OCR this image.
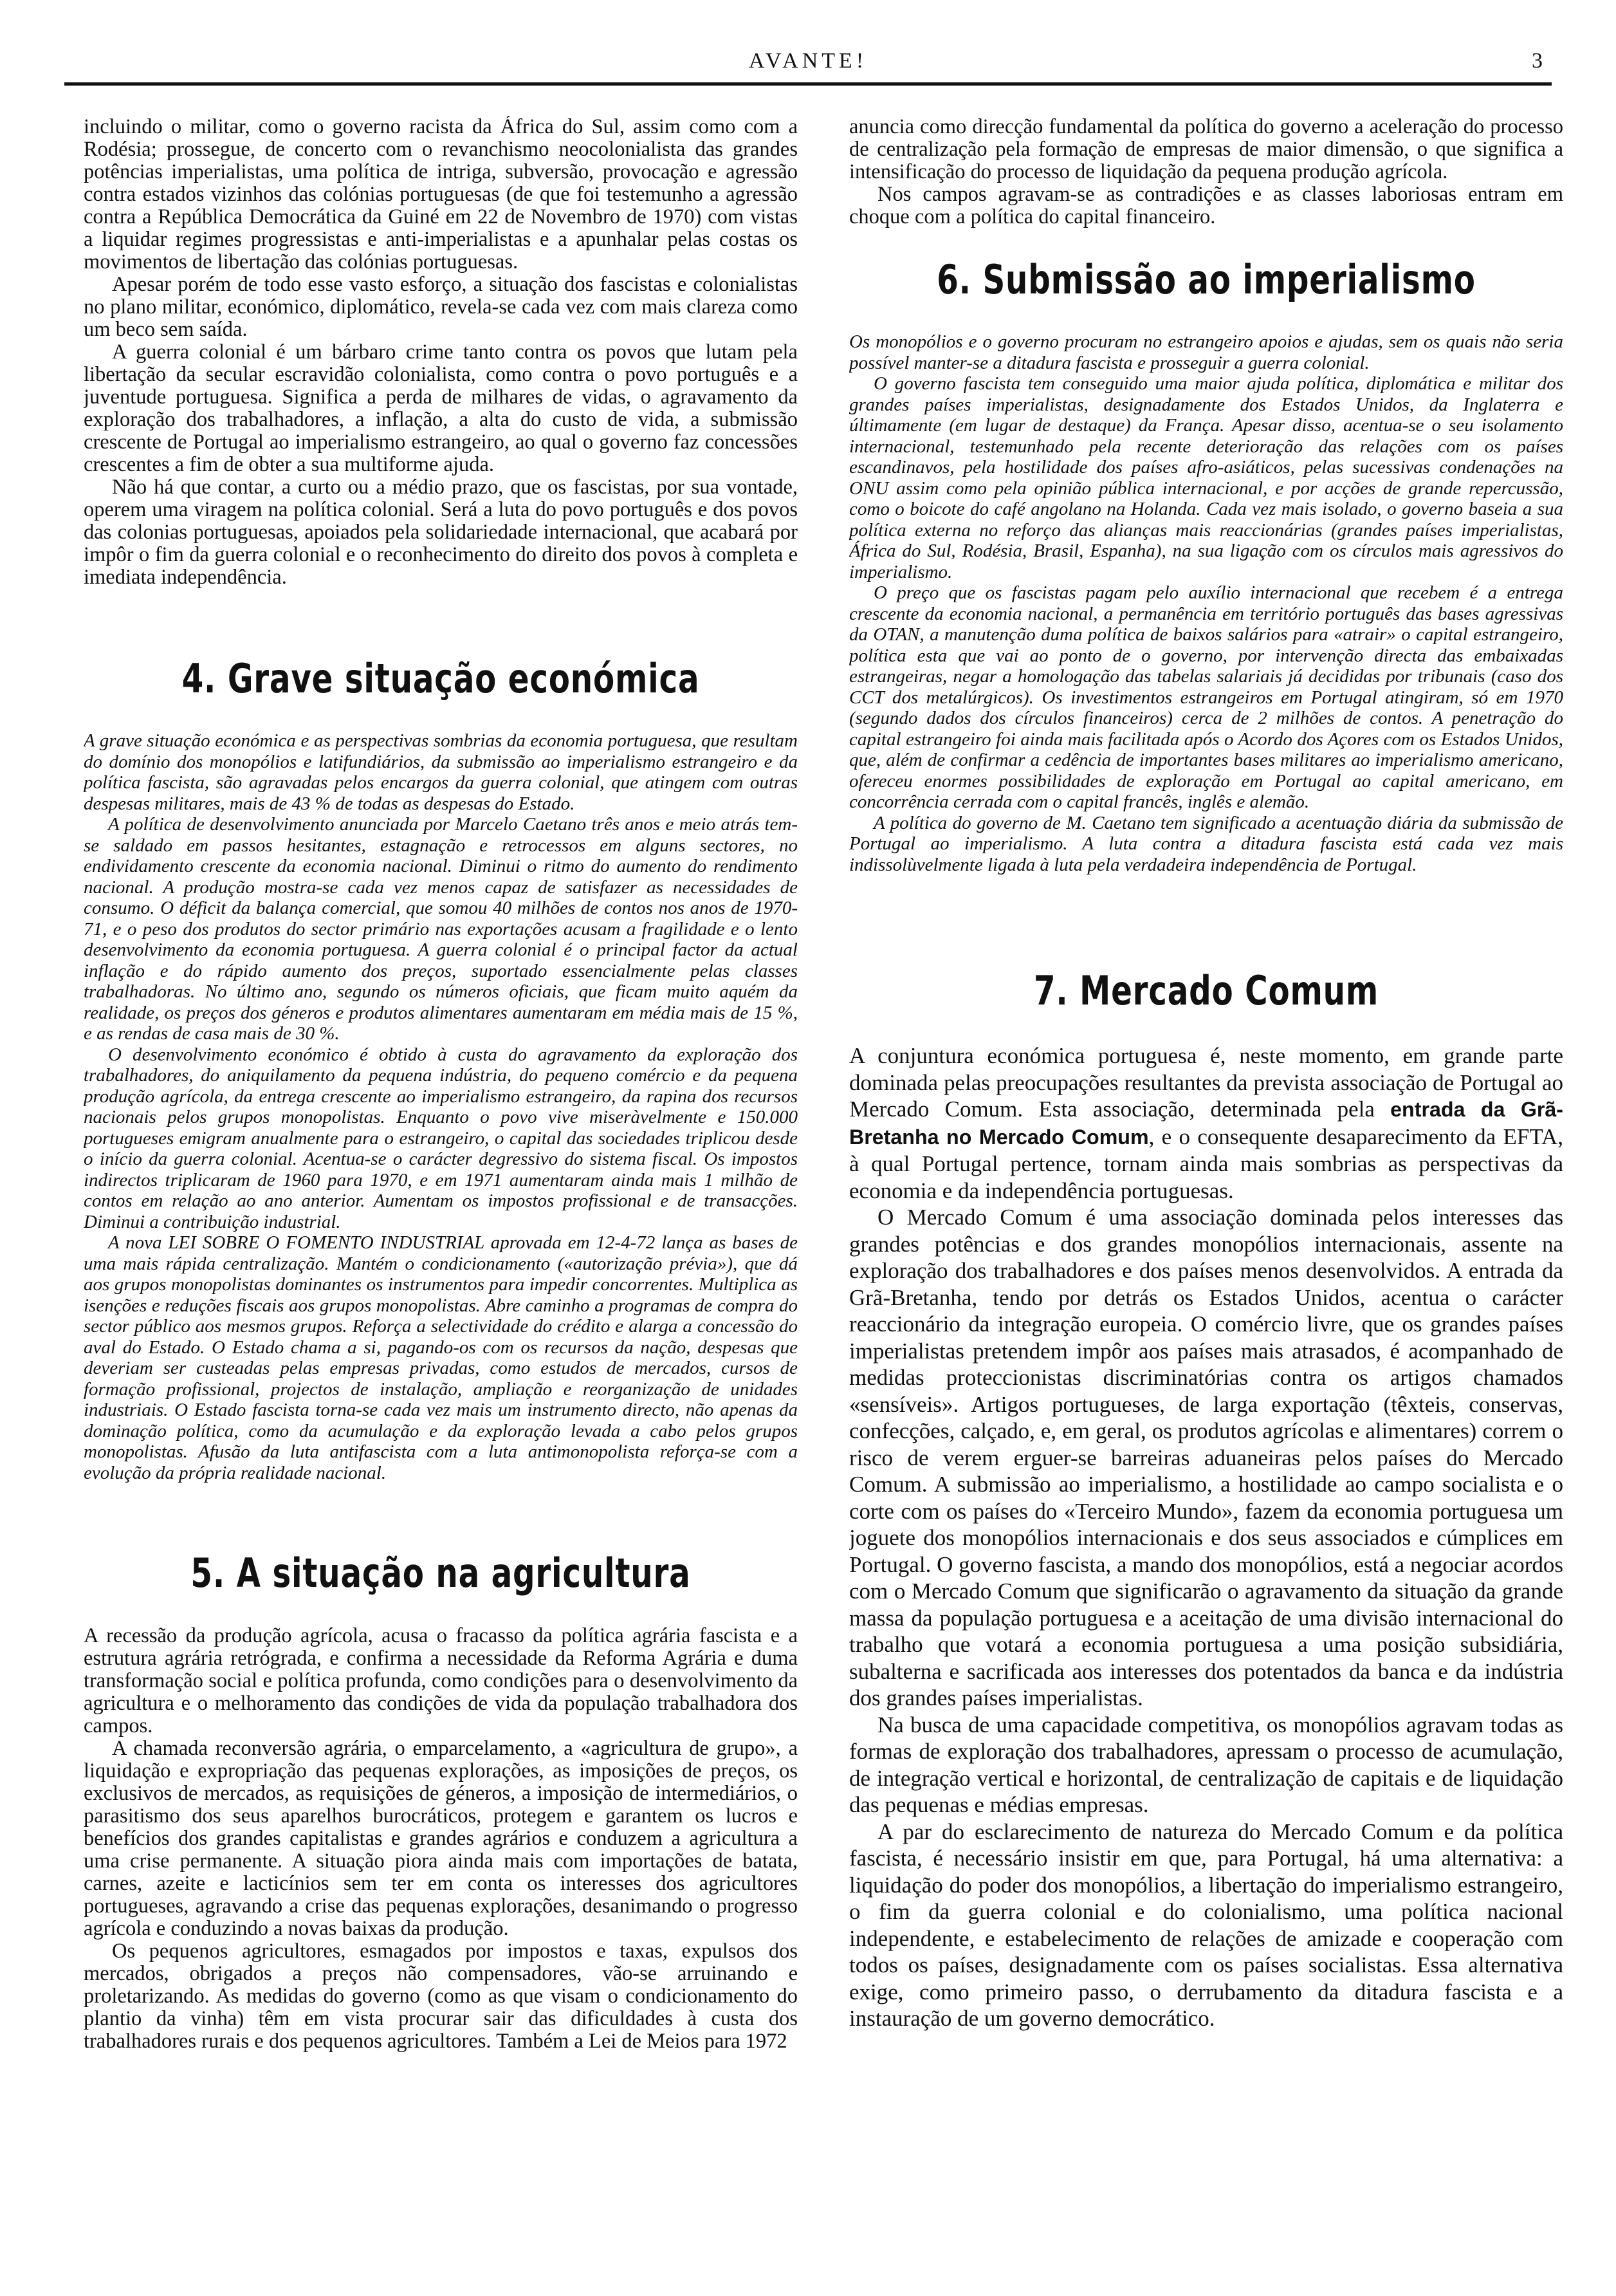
AVANTE!	3

incluindo o militar, como o governo racista da África do Sul, assim como com a Rodésia; prossegue, de concerto com o revanchismo neocolonialista das grandes potências imperialistas, uma política de intriga, subversão, provocação e agressão contra estados vizinhos das colónias portuguesas (de que foi testemunho a agressão contra a República Democrática da Guiné em 22 de Novembro de 1970) com vistas a liquidar regimes progressistas e anti-imperialistas e a apunhalar pelas costas os movimentos de libertação das colónias portuguesas.

Apesar porém de todo esse vasto esforço, a situação dos fascistas e colonialistas no plano militar, económico, diplomático, revela-se cada vez com mais clareza como um beco sem saída.

A guerra colonial é um bárbaro crime tanto contra os povos que lutam pela libertação da secular escravidão colonialista, como contra o povo português e a juventude portuguesa. Significa a perda de milhares de vidas, o agravamento da exploração dos trabalhadores, a inflação, a alta do custo de vida, a submissão crescente de Portugal ao imperialismo estrangeiro, ao qual o governo faz concessões crescentes a fim de obter a sua multiforme ajuda.

Não há que contar, a curto ou a médio prazo, que os fascistas, por sua vontade, operem uma viragem na política colonial. Será a luta do povo português e dos povos das colonias portuguesas, apoiados pela solidariedade internacional, que acabará por impôr o fim da guerra colonial e o reconhecimento do direito dos povos à completa e imediata independência.

4. Grave situação económica

A grave situação económica e as perspectivas sombrias da economia portuguesa, que resultam do domínio dos monopólios e latifundiários, da submissão ao imperialismo estrangeiro e da política fascista, são agravadas pelos encargos da guerra colonial, que atingem com outras despesas militares, mais de 43 % de todas as despesas do Estado.

A política de desenvolvimento anunciada por Marcelo Caetano três anos e meio atrás tem-se saldado em passos hesitantes, estagnação e retrocessos em alguns sectores, no endividamento crescente da economia nacional. Diminui o ritmo do aumento do rendimento nacional. A produção mostra-se cada vez menos capaz de satisfazer as necessidades de consumo. O déficit da balança comercial, que somou 40 milhões de contos nos anos de 1970-71, e o peso dos produtos do sector primário nas exportações acusam a fragilidade e o lento desenvolvimento da economia portuguesa. A guerra colonial é o principal factor da actual inflação e do rápido aumento dos preços, suportado essencialmente pelas classes trabalhadoras. No último ano, segundo os números oficiais, que ficam muito aquém da realidade, os preços dos géneros e produtos alimentares aumentaram em média mais de 15 %, e as rendas de casa mais de 30 %.

O desenvolvimento económico é obtido à custa do agravamento da exploração dos trabalhadores, do aniquilamento da pequena indústria, do pequeno comércio e da pequena produção agrícola, da entrega crescente ao imperialismo estrangeiro, da rapina dos recursos nacionais pelos grupos monopolistas. Enquanto o povo vive miseràvelmente e 150.000 portugueses emigram anualmente para o estrangeiro, o capital das sociedades triplicou desde o início da guerra colonial. Acentua-se o carácter degressivo do sistema fiscal. Os impostos indirectos triplicaram de 1960 para 1970, e em 1971 aumentaram ainda mais 1 milhão de contos em relação ao ano anterior. Aumentam os impostos profissional e de transacções. Diminui a contribuição industrial.

A nova LEI SOBRE O FOMENTO INDUSTRIAL aprovada em 12-4-72 lança as bases de uma mais rápida centralização. Mantém o condicionamento («autorização prévia»), que dá aos grupos monopolistas dominantes os instrumentos para impedir concorrentes. Multiplica as isenções e reduções fiscais aos grupos monopolistas. Abre caminho a programas de compra do sector público aos mesmos grupos. Reforça a selectividade do crédito e alarga a concessão do aval do Estado. O Estado chama a si, pagando-os com os recursos da nação, despesas que deveriam ser custeadas pelas empresas privadas, como estudos de mercados, cursos de formação profissional, projectos de instalação, ampliação e reorganização de unidades industriais. O Estado fascista torna-se cada vez mais um instrumento directo, não apenas da dominação política, como da acumulação e da exploração levada a cabo pelos grupos monopolistas. Afusão da luta antifascista com a luta antimonopolista reforça-se com a evolução da própria realidade nacional.

5. A situação na agricultura

A recessão da produção agrícola, acusa o fracasso da política agrária fascista e a estrutura agrária retrógrada, e confirma a necessidade da Reforma Agrária e duma transformação social e política profunda, como condições para o desenvolvimento da agricultura e o melhoramento das condições de vida da população trabalhadora dos campos.

A chamada reconversão agrária, o emparcelamento, a «agricultura de grupo», a liquidação e expropriação das pequenas explorações, as imposições de preços, os exclusivos de mercados, as requisições de géneros, a imposição de intermediários, o parasitismo dos seus aparelhos burocráticos, protegem e garantem os lucros e benefícios dos grandes capitalistas e grandes agrários e conduzem a agricultura a uma crise permanente. A situação piora ainda mais com importações de batata, carnes, azeite e lacticínios sem ter em conta os interesses dos agricultores portugueses, agravando a crise das pequenas explorações, desanimando o progresso agrícola e conduzindo a novas baixas da produção.

Os pequenos agricultores, esmagados por impostos e taxas, expulsos dos mercados, obrigados a preços não compensadores, vão-se arruinando e proletarizando. As medidas do governo (como as que visam o condicionamento do plantio da vinha) têm em vista procurar sair das dificuldades à custa dos trabalhadores rurais e dos pequenos agricultores. Também a Lei de Meios para 1972

anuncia como direcção fundamental da política do governo a aceleração do processo de centralização pela formação de empresas de maior dimensão, o que significa a intensificação do processo de liquidação da pequena produção agrícola.

Nos campos agravam-se as contradições e as classes laboriosas entram em choque com a política do capital financeiro.

6. Submissão ao imperialismo

Os monopólios e o governo procuram no estrangeiro apoios e ajudas, sem os quais não seria possível manter-se a ditadura fascista e prosseguir a guerra colonial.

O governo fascista tem conseguido uma maior ajuda política, diplomática e militar dos grandes países imperialistas, designadamente dos Estados Unidos, da Inglaterra e últimamente (em lugar de destaque) da França. Apesar disso, acentua-se o seu isolamento internacional, testemunhado pela recente deterioração das relações com os países escandinavos, pela hostilidade dos países afro-asiáticos, pelas sucessivas condenações na ONU assim como pela opinião pública internacional, e por acções de grande repercussão, como o boicote do café angolano na Holanda. Cada vez mais isolado, o governo baseia a sua política externa no reforço das alianças mais reaccionárias (grandes países imperialistas, África do Sul, Rodésia, Brasil, Espanha), na sua ligação com os círculos mais agressivos do imperialismo.

O preço que os fascistas pagam pelo auxílio internacional que recebem é a entrega crescente da economia nacional, a permanência em território português das bases agressivas da OTAN, a manutenção duma política de baixos salários para «atrair» o capital estrangeiro, política esta que vai ao ponto de o governo, por intervenção directa das embaixadas estrangeiras, negar a homologação das tabelas salariais já decididas por tribunais (caso dos CCT dos metalúrgicos). Os investimentos estrangeiros em Portugal atingiram, só em 1970 (segundo dados dos círculos financeiros) cerca de 2 milhões de contos. A penetração do capital estrangeiro foi ainda mais facilitada após o Acordo dos Açores com os Estados Unidos, que, além de confirmar a cedência de importantes bases militares ao imperialismo americano, ofereceu enormes possibilidades de exploração em Portugal ao capital americano, em concorrência cerrada com o capital francês, inglês e alemão.

A política do governo de M. Caetano tem significado a acentuação diária da submissão de Portugal ao imperialismo. A luta contra a ditadura fascista está cada vez mais indissolùvelmente ligada à luta pela verdadeira independência de Portugal.

7. Mercado Comum

A conjuntura económica portuguesa é, neste momento, em grande parte dominada pelas preocupações resultantes da prevista associação de Portugal ao Mercado Comum. Esta associação, determinada pela entrada da Grã-Bretanha no Mercado Comum, e o consequente desaparecimento da EFTA, à qual Portugal pertence, tornam ainda mais sombrias as perspectivas da economia e da independência portuguesas.

O Mercado Comum é uma associação dominada pelos interesses das grandes potências e dos grandes monopólios internacionais, assente na exploração dos trabalhadores e dos países menos desenvolvidos. A entrada da Grã-Bretanha, tendo por detrás os Estados Unidos, acentua o carácter reaccionário da integração europeia. O comércio livre, que os grandes países imperialistas pretendem impôr aos países mais atrasados, é acompanhado de medidas proteccionistas discriminatórias contra os artigos chamados «sensíveis». Artigos portugueses, de larga exportação (têxteis, conservas, confecções, calçado, e, em geral, os produtos agrícolas e alimentares) correm o risco de verem erguer-se barreiras aduaneiras pelos países do Mercado Comum. A submissão ao imperialismo, a hostilidade ao campo socialista e o corte com os países do «Terceiro Mundo», fazem da economia portuguesa um joguete dos monopólios internacionais e dos seus associados e cúmplices em Portugal. O governo fascista, a mando dos monopólios, está a negociar acordos com o Mercado Comum que significarão o agravamento da situação da grande massa da população portuguesa e a aceitação de uma divisão internacional do trabalho que votará a economia portuguesa a uma posição subsidiária, subalterna e sacrificada aos interesses dos potentados da banca e da indústria dos grandes países imperialistas.

Na busca de uma capacidade competitiva, os monopólios agravam todas as formas de exploração dos trabalhadores, apressam o processo de acumulação, de integração vertical e horizontal, de centralização de capitais e de liquidação das pequenas e médias empresas.

A par do esclarecimento de natureza do Mercado Comum e da política fascista, é necessário insistir em que, para Portugal, há uma alternativa: a liquidação do poder dos monopólios, a libertação do imperialismo estrangeiro, o fim da guerra colonial e do colonialismo, uma política nacional independente, e estabelecimento de relações de amizade e cooperação com todos os países, designadamente com os países socialistas. Essa alternativa exige, como primeiro passo, o derrubamento da ditadura fascista e a instauração de um governo democrático.
